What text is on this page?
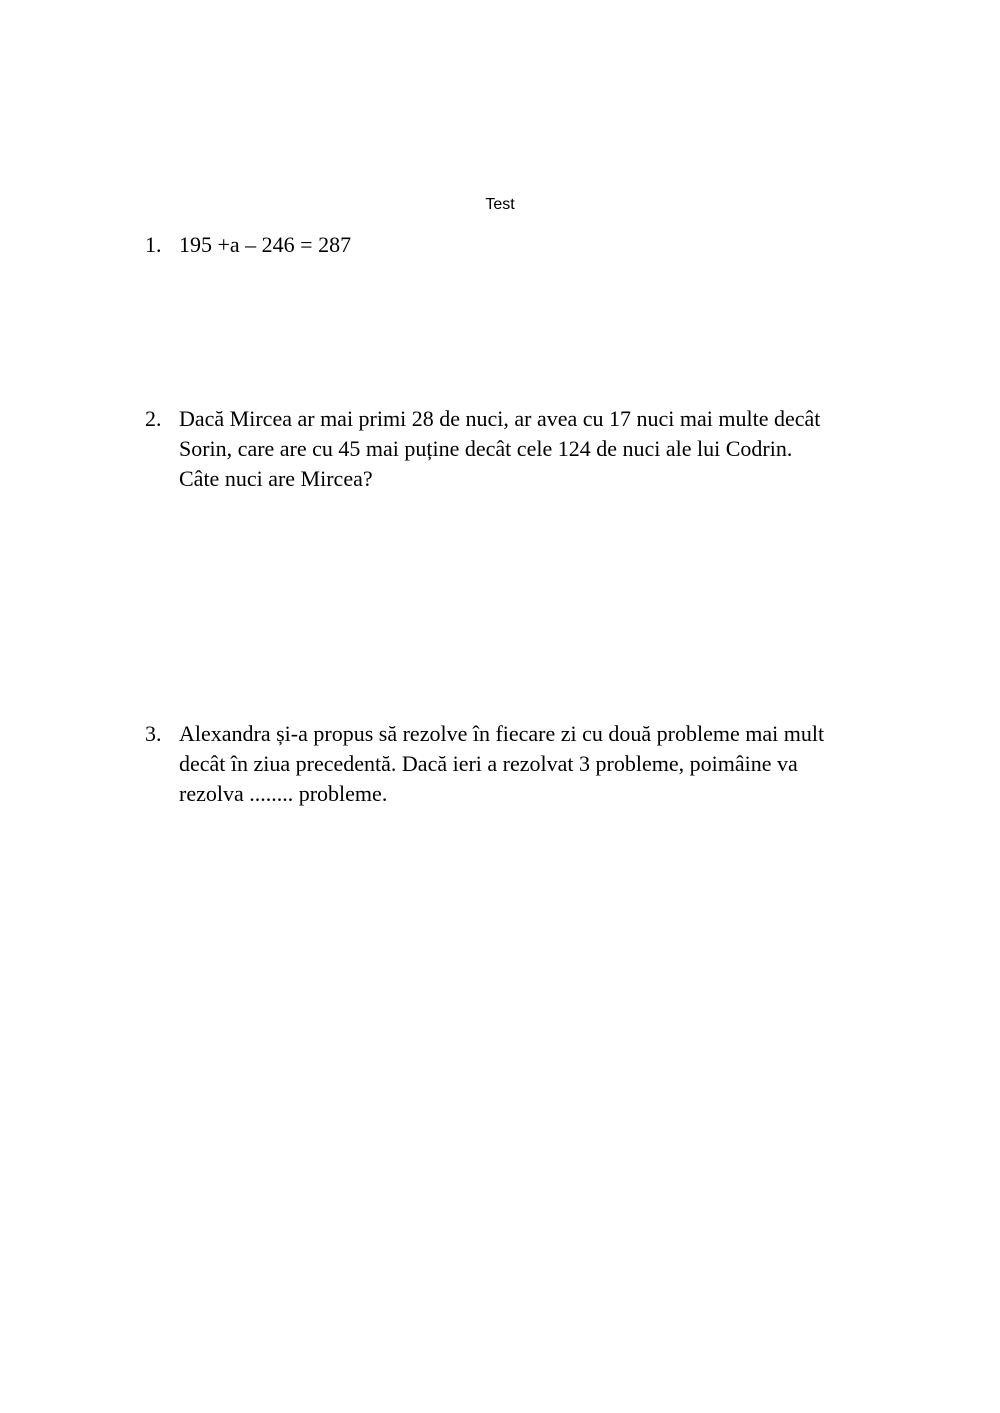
Test
1. 195 +a – 246 = 287
2. Dacă Mircea ar mai primi 28 de nuci, ar avea cu 17 nuci mai multe decât
Sorin, care are cu 45 mai puține decât cele 124 de nuci ale lui Codrin.
Câte nuci are Mircea?
3. Alexandra și-a propus să rezolve în fiecare zi cu două probleme mai mult
decât în ziua precedentă. Dacă ieri a rezolvat 3 probleme, poimâine va
rezolva ........ probleme.
